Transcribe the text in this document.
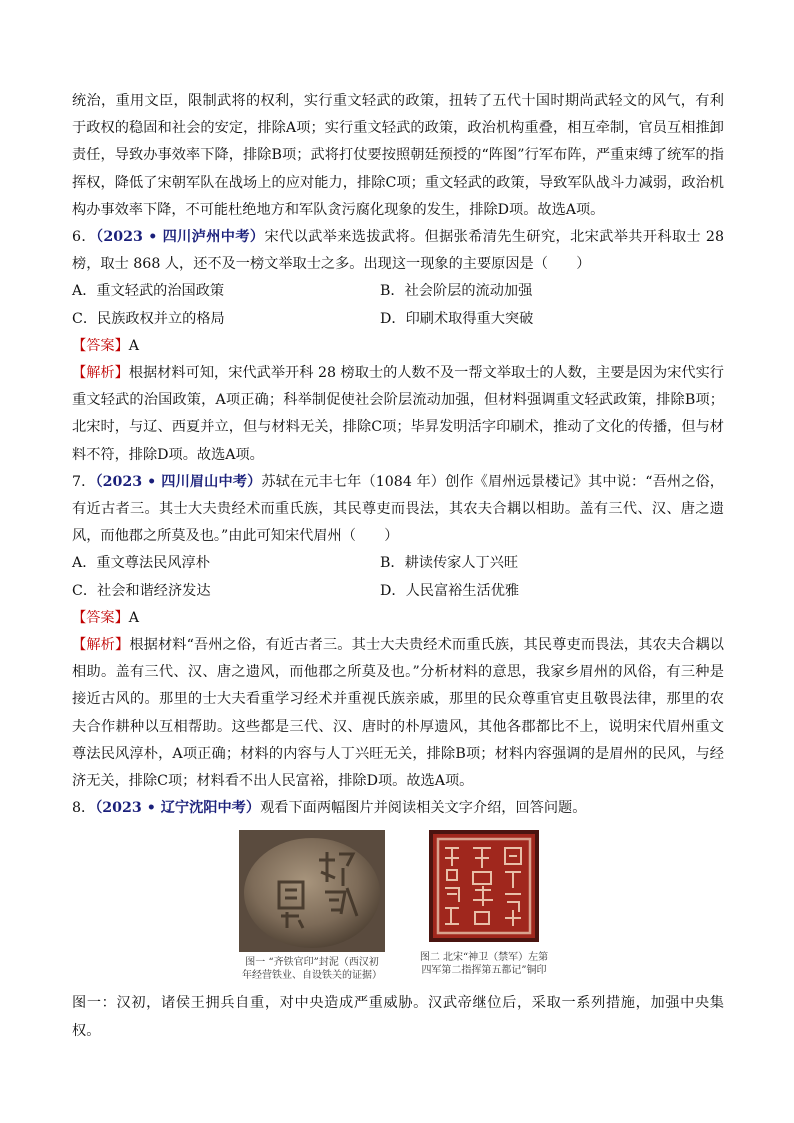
统治，重用文臣，限制武将的权利，实行重文轻武的政策，扭转了五代十国时期尚武轻文的风气，有利于政权的稳固和社会的安定，排除A项；实行重文轻武的政策，政治机构重叠，相互牵制，官员互相推卸责任，导致办事效率下降，排除B项；武将打仗要按照朝廷预授的“阵图”行军布阵，严重束缚了统军的指挥权，降低了宋朝军队在战场上的应对能力，排除C项；重文轻武的政策，导致军队战斗力减弱，政治机构办事效率下降，不可能杜绝地方和军队贪污腐化现象的发生，排除D项。故选A项。

6．（2023 • 四川泸州中考）宋代以武举来选拔武将。但据张希清先生研究，北宋武举共开科取士 28 榜，取士 868 人，还不及一榜文举取士之多。出现这一现象的主要原因是（　　）

A．重文轻武的治国政策	B．社会阶层的流动加强
C．民族政权并立的格局	D．印刷术取得重大突破

【答案】A

【解析】根据材料可知，宋代武举开科 28 榜取士的人数不及一帮文举取士的人数，主要是因为宋代实行重文轻武的治国政策，A项正确；科举制促使社会阶层流动加强，但材料强调重文轻武政策，排除B项；北宋时，与辽、西夏并立，但与材料无关，排除C项；毕昇发明活字印刷术，推动了文化的传播，但与材料不符，排除D项。故选A项。

7．（2023 • 四川眉山中考）苏轼在元丰七年（1084 年）创作《眉州远景楼记》其中说：“吾州之俗，有近古者三。其士大夫贵经术而重氏族，其民尊吏而畏法，其农夫合耦以相助。盖有三代、汉、唐之遗风，而他郡之所莫及也。”由此可知宋代眉州（　　）

A．重文尊法民风淳朴	B．耕读传家人丁兴旺
C．社会和谐经济发达	D．人民富裕生活优雅

【答案】A

【解析】根据材料“吾州之俗，有近古者三。其士大夫贵经术而重氏族，其民尊吏而畏法，其农夫合耦以相助。盖有三代、汉、唐之遗风，而他郡之所莫及也。”分析材料的意思，我家乡眉州的风俗，有三种是接近古风的。那里的士大夫看重学习经术并重视氏族亲戚，那里的民众尊重官吏且敬畏法律，那里的农夫合作耕种以互相帮助。这些都是三代、汉、唐时的朴厚遗风，其他各郡都比不上，说明宋代眉州重文尊法民风淳朴，A项正确；材料的内容与人丁兴旺无关，排除B项；材料内容强调的是眉州的民风，与经济无关，排除C项；材料看不出人民富裕，排除D项。故选A项。

8．（2023 • 辽宁沈阳中考）观看下面两幅图片并阅读相关文字介绍，回答问题。

图一 “齐铁官印”封泥（西汉初
年经营铁业、自设铁关的证据）
图二 北宋“神卫（禁军）左第
四军第二指挥第五都记”铜印

图一：汉初，诸侯王拥兵自重，对中央造成严重威胁。汉武帝继位后，采取一系列措施，加强中央集权。
